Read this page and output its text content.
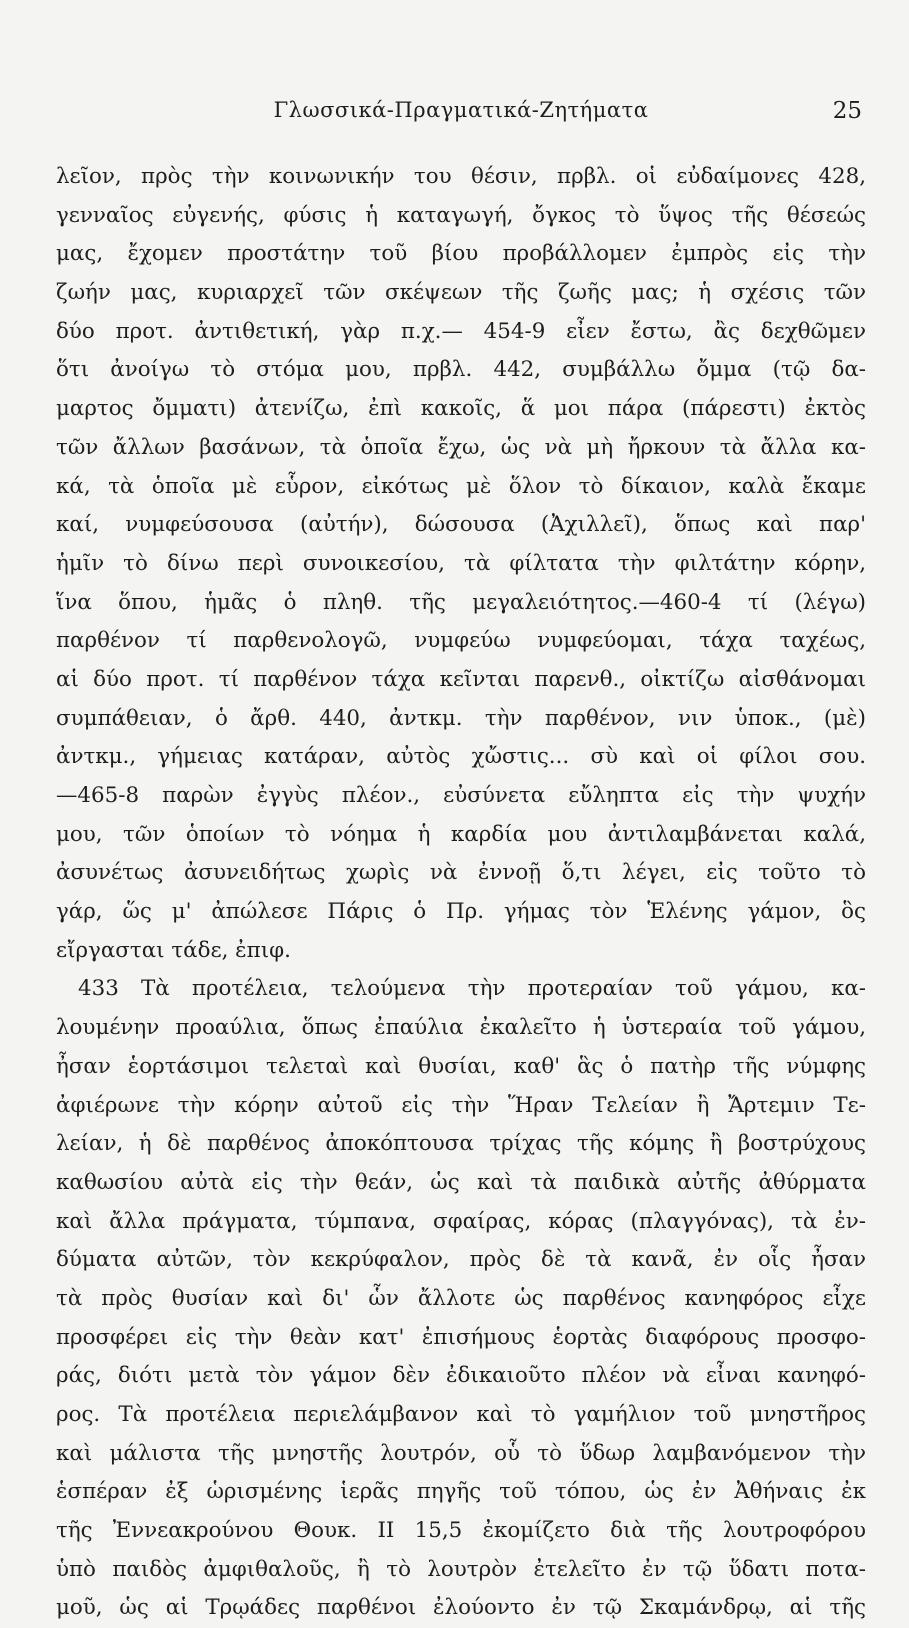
Γλωσσικά-Πραγματικά-Ζητήματα	25
λεῖον, πρὸς τὴν κοινωνικήν του θέσιν, πρβλ. οἱ εὐδαίμονες 428,
γενναῖος εὐγενής, φύσις ἡ καταγωγή, ὄγκος τὸ ὕψος τῆς θέσεώς
μας, ἔχομεν προστάτην τοῦ βίου προβάλλομεν ἐμπρὸς εἰς τὴν
ζωήν μας, κυριαρχεῖ τῶν σκέψεων τῆς ζωῆς μας; ἡ σχέσις τῶν
δύο προτ. ἀντιθετική, γὰρ π.χ.— 454-9 εἶεν ἔστω, ἂς δεχθῶμεν
ὅτι ἀνοίγω τὸ στόμα μου, πρβλ. 442, συμβάλλω ὄμμα (τῷ δα-
μαρτος ὄμματι) ἀτενίζω, ἐπὶ κακοῖς, ἅ μοι πάρα (πάρεστι) ἐκτὸς
τῶν ἄλλων βασάνων, τὰ ὁποῖα ἔχω, ὡς νὰ μὴ ἤρκουν τὰ ἄλλα κα-
κά, τὰ ὁποῖα μὲ εὗρον, εἰκότως μὲ ὅλον τὸ δίκαιον, καλὰ ἔκαμε
καί, νυμφεύσουσα (αὐτήν), δώσουσα (Ἀχιλλεῖ), ὅπως καὶ παρ'
ἡμῖν τὸ δίνω περὶ συνοικεσίου, τὰ φίλτατα τὴν φιλτάτην κόρην,
ἵνα ὅπου, ἡμᾶς ὁ πληθ. τῆς μεγαλειότητος.—460-4 τί (λέγω)
παρθένον τί παρθενολογῶ, νυμφεύω νυμφεύομαι, τάχα ταχέως,
αἱ δύο προτ. τί παρθένον τάχα κεῖνται παρενθ., οἰκτίζω αἰσθάνομαι
συμπάθειαν, ὁ ἄρθ. 440, ἀντκμ. τὴν παρθένον, νιν ὑποκ., (μὲ)
ἀντκμ., γήμειας κατάραν, αὐτὸς χὤστις... σὺ καὶ οἱ φίλοι σου.
—465-8 παρὼν ἐγγὺς πλέον., εὐσύνετα εὔληπτα εἰς τὴν ψυχήν
μου, τῶν ὁποίων τὸ νόημα ἡ καρδία μου ἀντιλαμβάνεται καλά,
ἀσυνέτως ἀσυνειδήτως χωρὶς νὰ ἐννοῇ ὅ,τι λέγει, εἰς τοῦτο τὸ
γάρ, ὥς μ' ἀπώλεσε Πάρις ὁ Πρ. γήμας τὸν Ἑλένης γάμον, ὃς
εἴργασται τάδε, ἐπιφ.
433 Τὰ προτέλεια, τελούμενα τὴν προτεραίαν τοῦ γάμου, κα-
λουμένην προαύλια, ὅπως ἐπαύλια ἐκαλεῖτο ἡ ὑστεραία τοῦ γάμου,
ἦσαν ἑορτάσιμοι τελεταὶ καὶ θυσίαι, καθ' ἃς ὁ πατὴρ τῆς νύμφης
ἀφιέρωνε τὴν κόρην αὐτοῦ εἰς τὴν Ἥραν Τελείαν ἢ Ἄρτεμιν Τε-
λείαν, ἡ δὲ παρθένος ἀποκόπτουσα τρίχας τῆς κόμης ἢ βοστρύχους
καθωσίου αὐτὰ εἰς τὴν θεάν, ὡς καὶ τὰ παιδικὰ αὐτῆς ἀθύρματα
καὶ ἄλλα πράγματα, τύμπανα, σφαίρας, κόρας (πλαγγόνας), τὰ ἐν-
δύματα αὐτῶν, τὸν κεκρύφαλον, πρὸς δὲ τὰ κανᾶ, ἐν οἷς ἦσαν
τὰ πρὸς θυσίαν καὶ δι' ὧν ἄλλοτε ὡς παρθένος κανηφόρος εἶχε
προσφέρει εἰς τὴν θεὰν κατ' ἐπισήμους ἑορτὰς διαφόρους προσφο-
ράς, διότι μετὰ τὸν γάμον δὲν ἐδικαιοῦτο πλέον νὰ εἶναι κανηφό-
ρος. Τὰ προτέλεια περιελάμβανον καὶ τὸ γαμήλιον τοῦ μνηστῆρος
καὶ μάλιστα τῆς μνηστῆς λουτρόν, οὗ τὸ ὕδωρ λαμβανόμενον τὴν
ἑσπέραν ἐξ ὡρισμένης ἱερᾶς πηγῆς τοῦ τόπου, ὡς ἐν Ἀθήναις ἐκ
τῆς Ἐννεακρούνου Θουκ. II 15,5 ἐκομίζετο διὰ τῆς λουτροφόρου
ὑπὸ παιδὸς ἀμφιθαλοῦς, ἢ τὸ λουτρὸν ἐτελεῖτο ἐν τῷ ὕδατι ποτα-
μοῦ, ὡς αἱ Τρῳάδες παρθένοι ἐλούοντο ἐν τῷ Σκαμάνδρῳ, αἱ τῆς
